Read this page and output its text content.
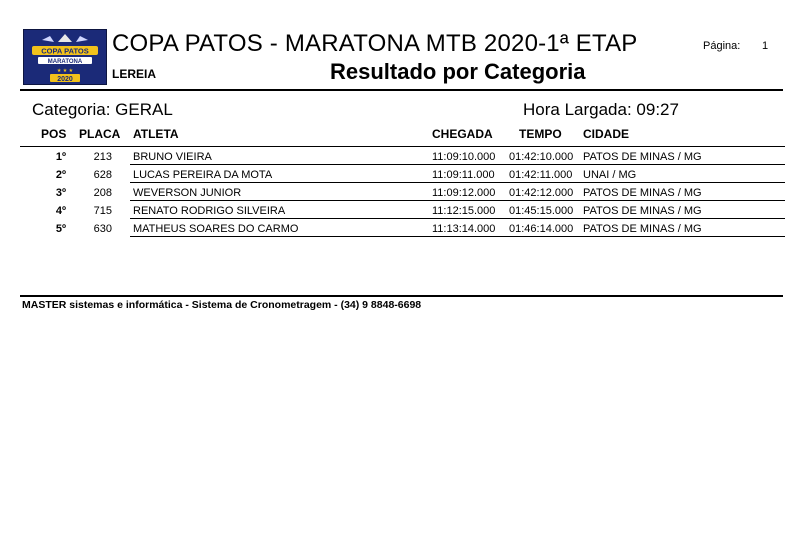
COPA PATOS
MARATONA
★ ★ ★
2020
COPA PATOS - MARATONA MTB 2020-1ª ETAP	Página: 1
LEREIA	Resultado por Categoria
Categoria: GERAL	Hora Largada: 09:27
POS PLACA ATLETA	CHEGADA TEMPO CIDADE
1º	213 BRUNO VIEIRA	11:09:10.000 01:42:10.000 PATOS DE MINAS / MG
2º	628 LUCAS PEREIRA DA MOTA	11:09:11.000 01:42:11.000 UNAI / MG
3º	208 WEVERSON JUNIOR	11:09:12.000 01:42:12.000 PATOS DE MINAS / MG
4º	715 RENATO RODRIGO SILVEIRA	11:12:15.000 01:45:15.000 PATOS DE MINAS / MG
5º	630 MATHEUS SOARES DO CARMO	11:13:14.000 01:46:14.000 PATOS DE MINAS / MG
MASTER sistemas e informática - Sistema de Cronometragem - (34) 9 8848-6698
